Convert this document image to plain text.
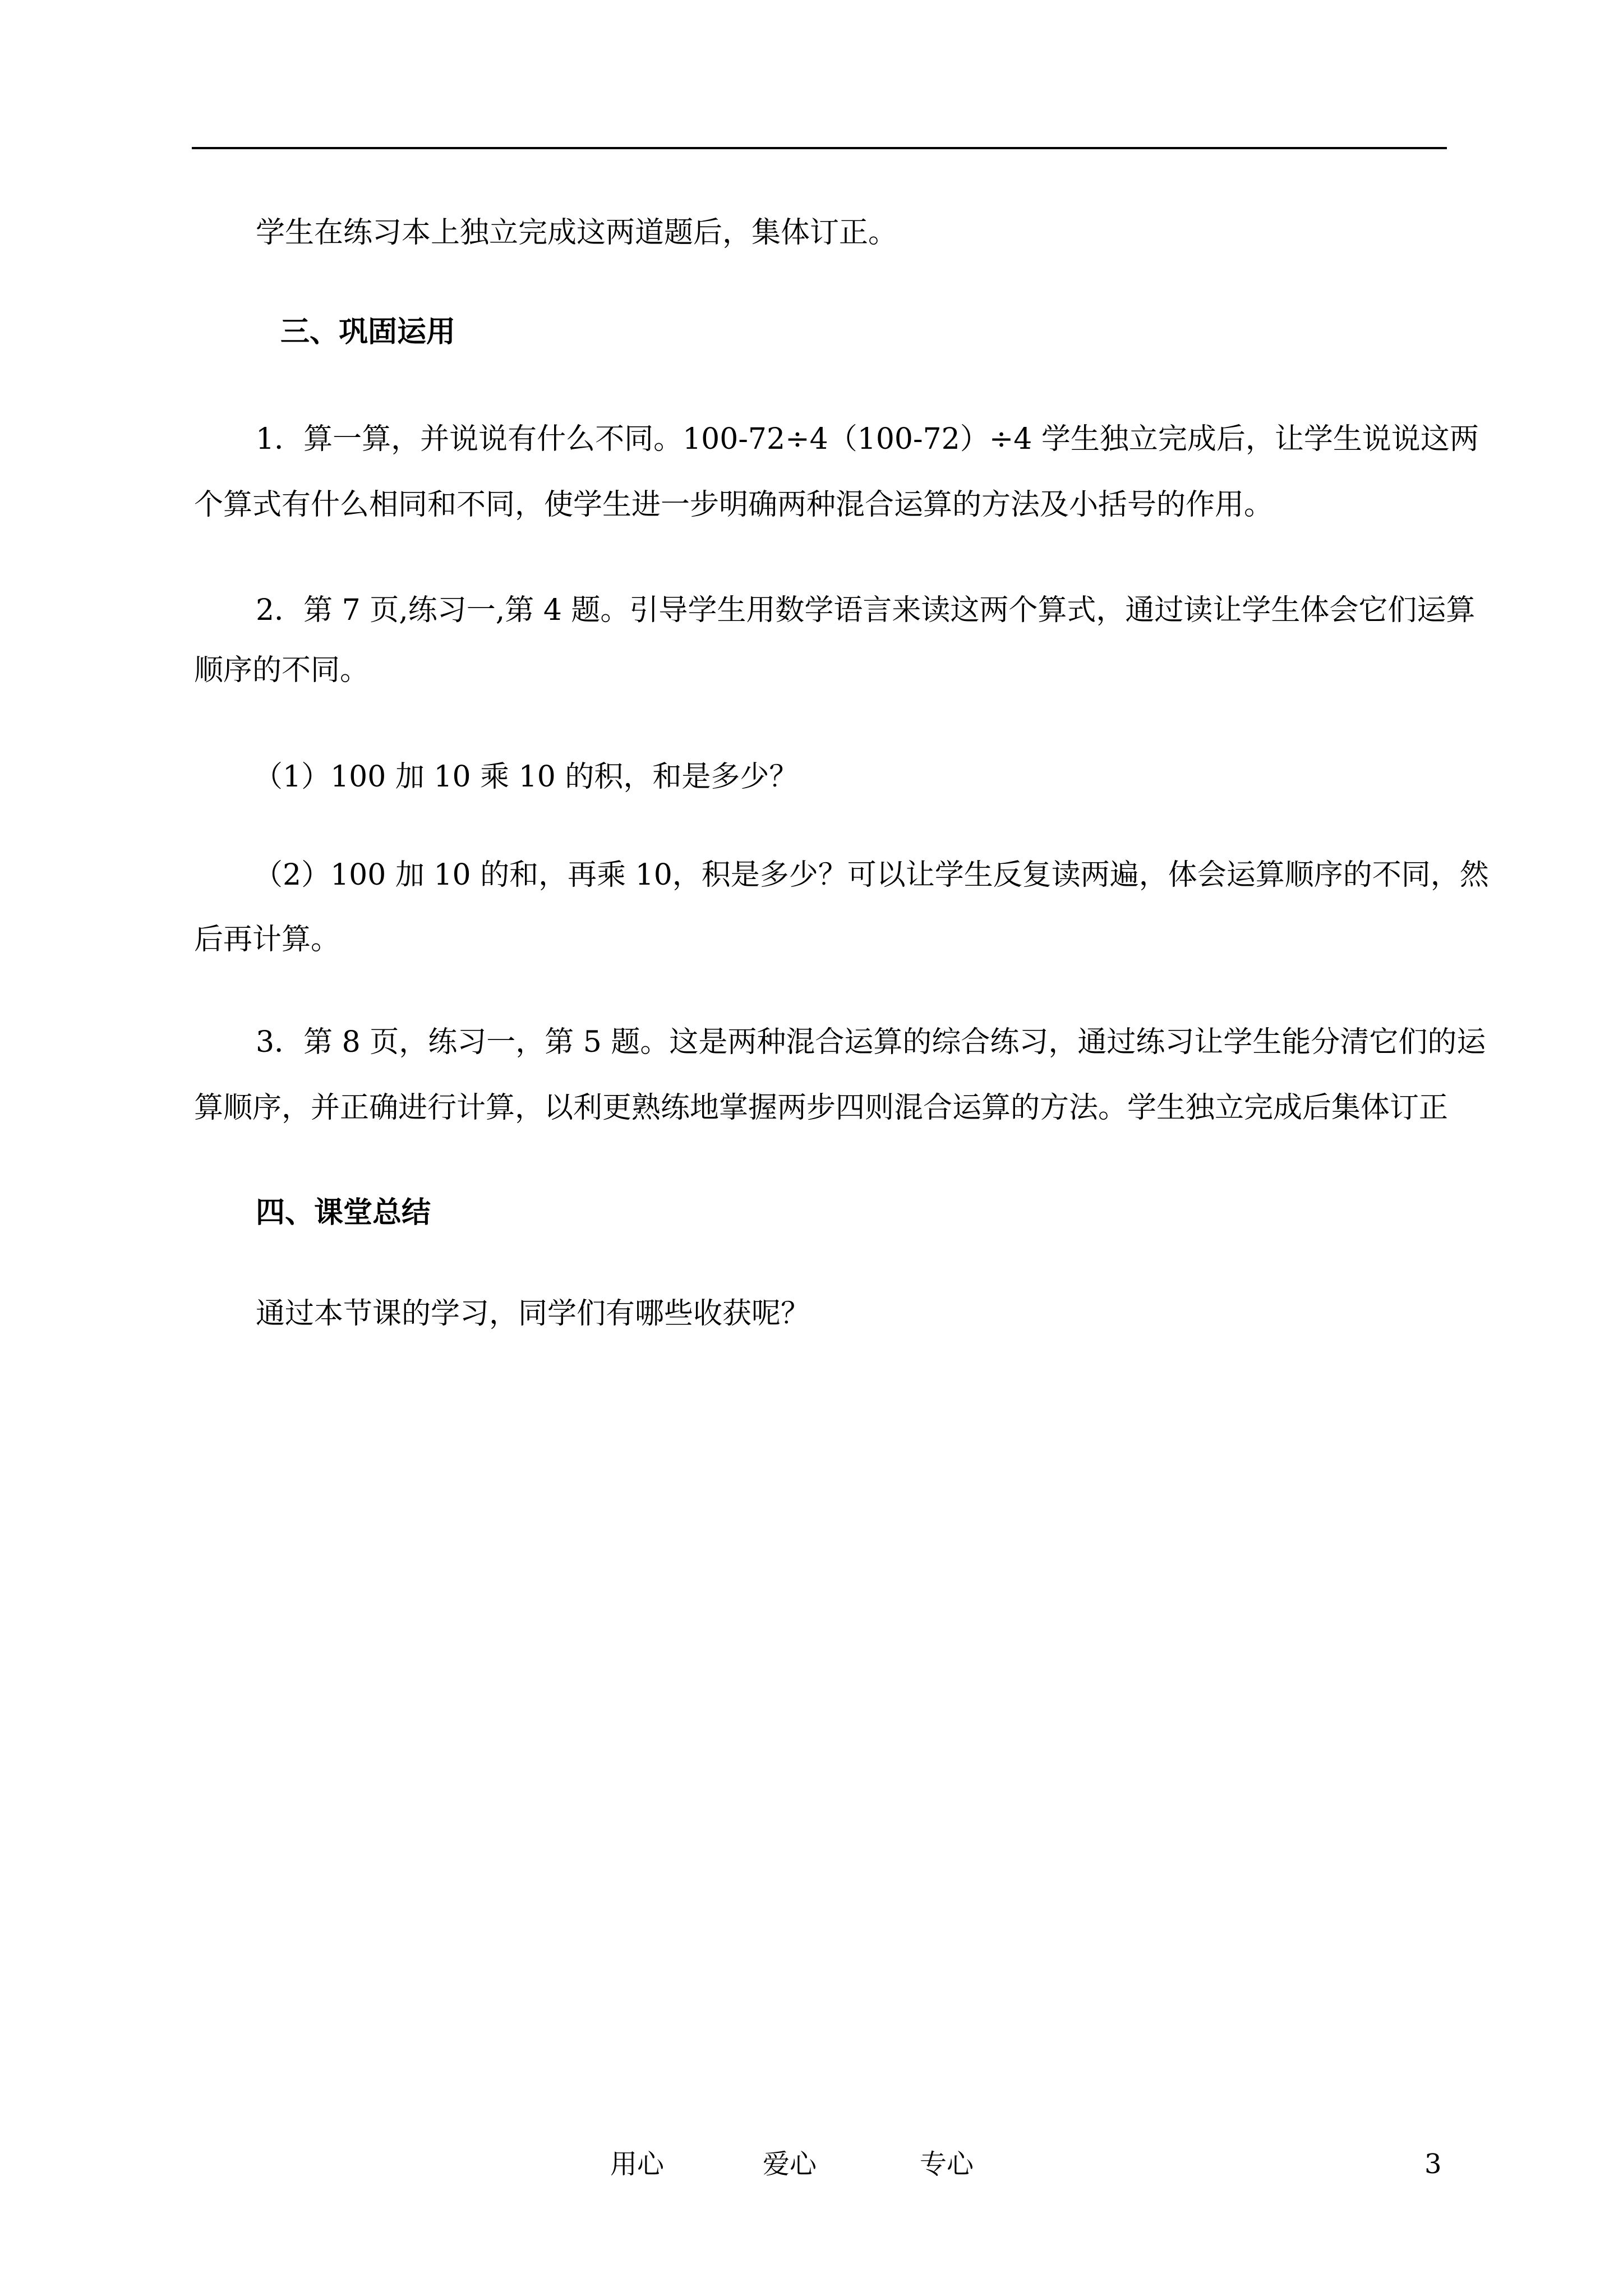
学生在练习本上独立完成这两道题后，集体订正。
三、巩固运用
1．算一算，并说说有什么不同。100-72÷4（100-72）÷4 学生独立完成后，让学生说说这两
个算式有什么相同和不同，使学生进一步明确两种混合运算的方法及小括号的作用。
2．第 7 页,练习一,第 4 题。引导学生用数学语言来读这两个算式，通过读让学生体会它们运算
顺序的不同。
（1）100 加 10 乘 10 的积，和是多少？
（2）100 加 10 的和，再乘 10，积是多少？可以让学生反复读两遍，体会运算顺序的不同，然
后再计算。
3．第 8 页，练习一，第 5 题。这是两种混合运算的综合练习，通过练习让学生能分清它们的运
算顺序，并正确进行计算，以利更熟练地掌握两步四则混合运算的方法。学生独立完成后集体订正
四、课堂总结
通过本节课的学习，同学们有哪些收获呢？
用心	爱心	专心	3
